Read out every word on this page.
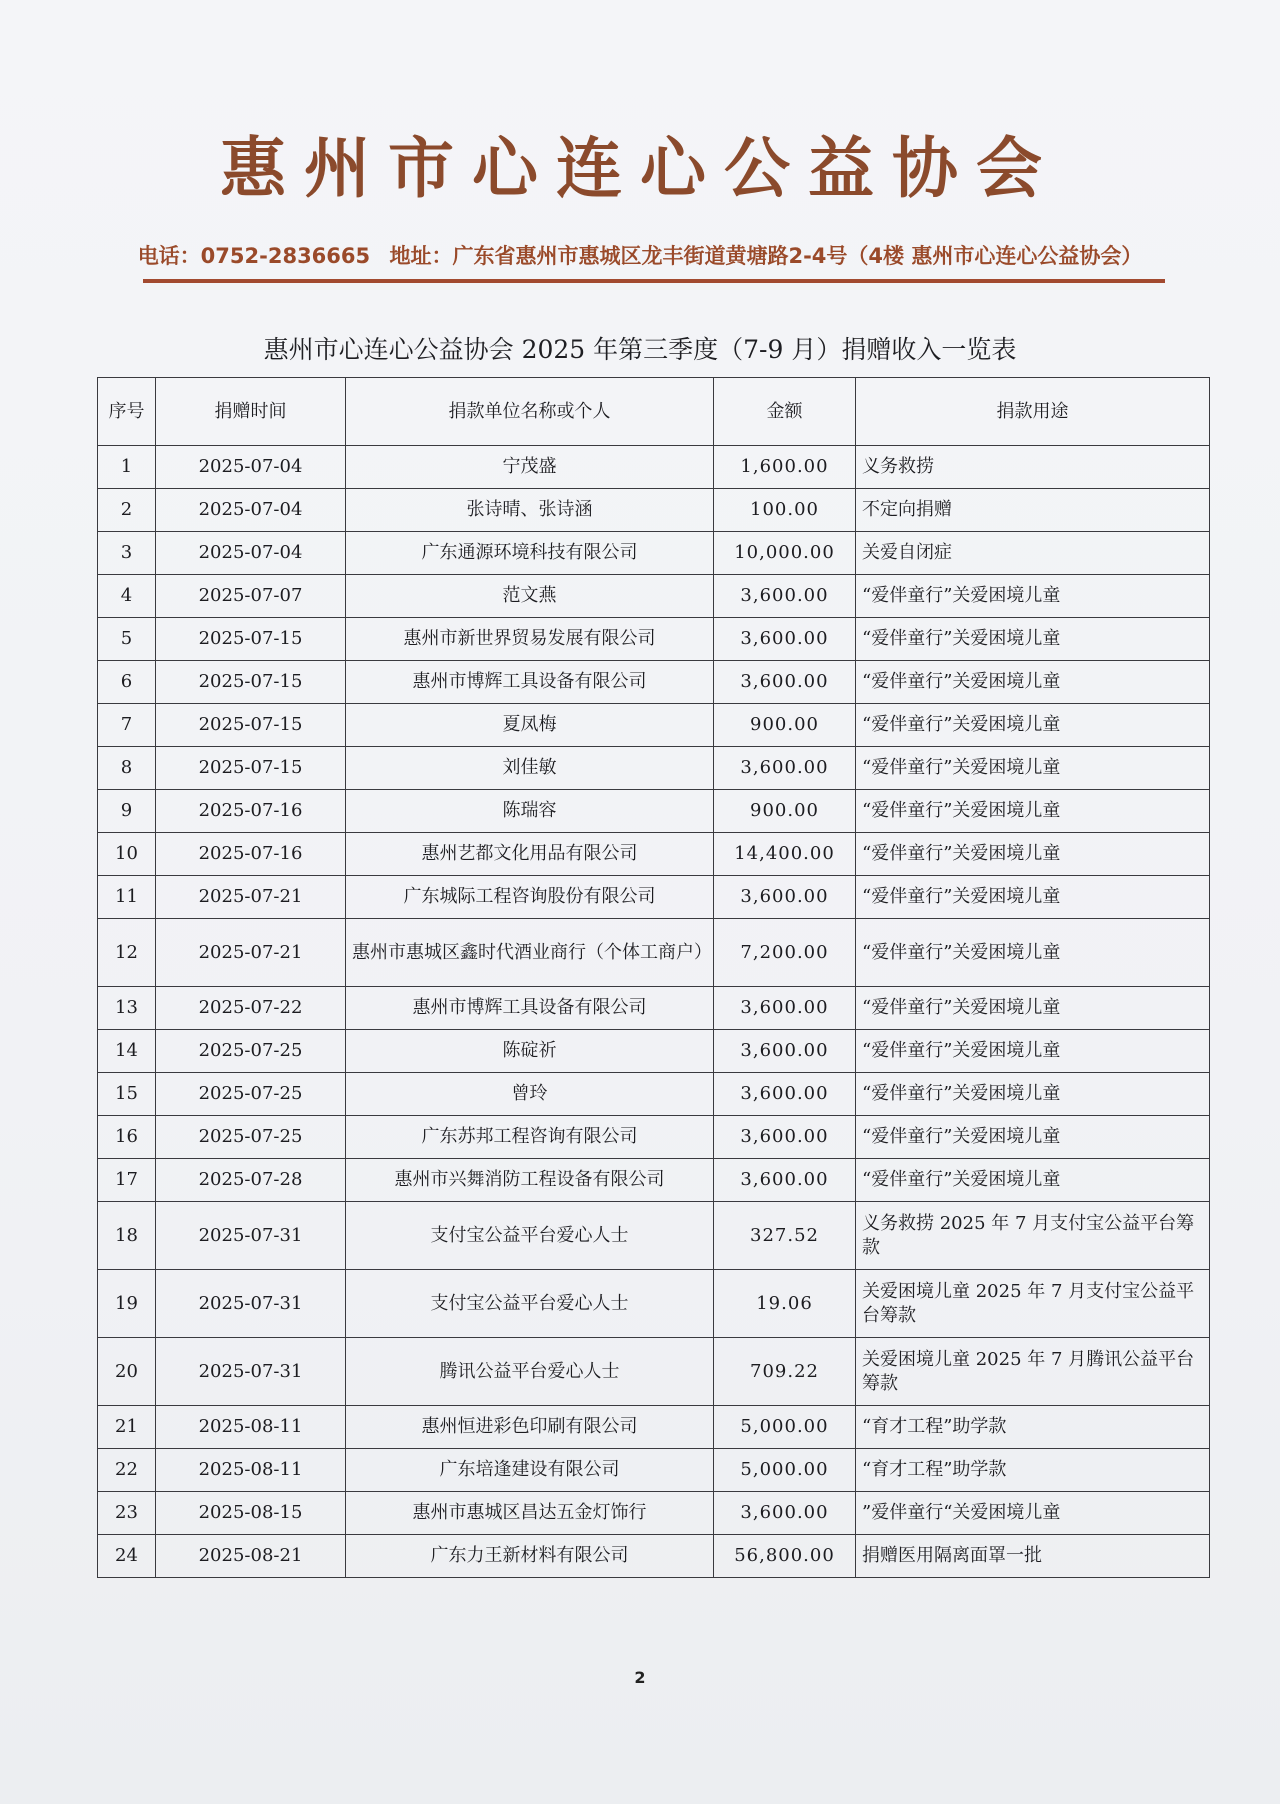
惠州市心连心公益协会
电话：0752-2836665 地址：广东省惠州市惠城区龙丰街道黄塘路2-4号（4楼 惠州市心连心公益协会）
惠州市心连心公益协会 2025 年第三季度（7-9 月）捐赠收入一览表
序号	捐赠时间	捐款单位名称或个人	金额	捐款用途
1	2025-07-04	宁茂盛	1,600.00	义务救捞
2	2025-07-04	张诗晴、张诗涵	100.00	不定向捐赠
3	2025-07-04	广东通源环境科技有限公司	10,000.00	关爱自闭症
4	2025-07-07	范文燕	3,600.00	“爱伴童行”关爱困境儿童
5	2025-07-15	惠州市新世界贸易发展有限公司	3,600.00	“爱伴童行”关爱困境儿童
6	2025-07-15	惠州市博辉工具设备有限公司	3,600.00	“爱伴童行”关爱困境儿童
7	2025-07-15	夏凤梅	900.00	“爱伴童行”关爱困境儿童
8	2025-07-15	刘佳敏	3,600.00	“爱伴童行”关爱困境儿童
9	2025-07-16	陈瑞容	900.00	“爱伴童行”关爱困境儿童
10	2025-07-16	惠州艺都文化用品有限公司	14,400.00	“爱伴童行”关爱困境儿童
11	2025-07-21	广东城际工程咨询股份有限公司	3,600.00	“爱伴童行”关爱困境儿童
12	2025-07-21	惠州市惠城区鑫时代酒业商行（个体工商户）	7,200.00	“爱伴童行”关爱困境儿童
13	2025-07-22	惠州市博辉工具设备有限公司	3,600.00	“爱伴童行”关爱困境儿童
14	2025-07-25	陈碇祈	3,600.00	“爱伴童行”关爱困境儿童
15	2025-07-25	曾玲	3,600.00	“爱伴童行”关爱困境儿童
16	2025-07-25	广东苏邦工程咨询有限公司	3,600.00	“爱伴童行”关爱困境儿童
17	2025-07-28	惠州市兴舞消防工程设备有限公司	3,600.00	“爱伴童行”关爱困境儿童
18	2025-07-31	支付宝公益平台爱心人士	327.52	义务救捞 2025 年 7 月支付宝公益平台筹款
19	2025-07-31	支付宝公益平台爱心人士	19.06	关爱困境儿童 2025 年 7 月支付宝公益平台筹款
20	2025-07-31	腾讯公益平台爱心人士	709.22	关爱困境儿童 2025 年 7 月腾讯公益平台筹款
21	2025-08-11	惠州恒进彩色印刷有限公司	5,000.00	“育才工程”助学款
22	2025-08-11	广东培逢建设有限公司	5,000.00	“育才工程”助学款
23	2025-08-15	惠州市惠城区昌达五金灯饰行	3,600.00	”爱伴童行“关爱困境儿童
24	2025-08-21	广东力王新材料有限公司	56,800.00	捐赠医用隔离面罩一批
2
